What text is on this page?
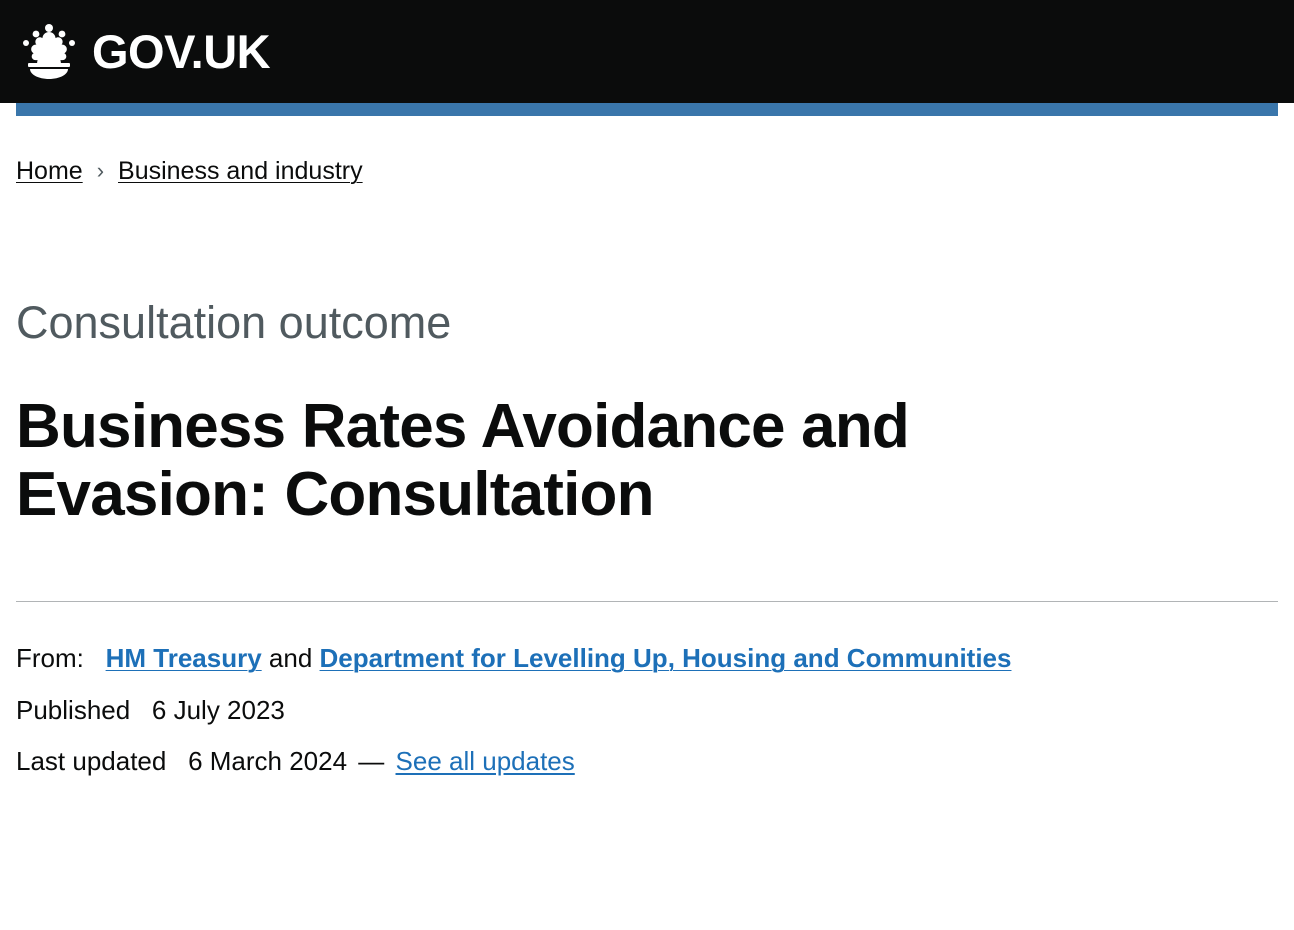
GOV.UK
Home › Business and industry

Consultation outcome

Business Rates Avoidance and Evasion: Consultation
From: HM Treasury and Department for Levelling Up, Housing and Communities
Published 6 July 2023
Last updated 6 March 2024 — See all updates
